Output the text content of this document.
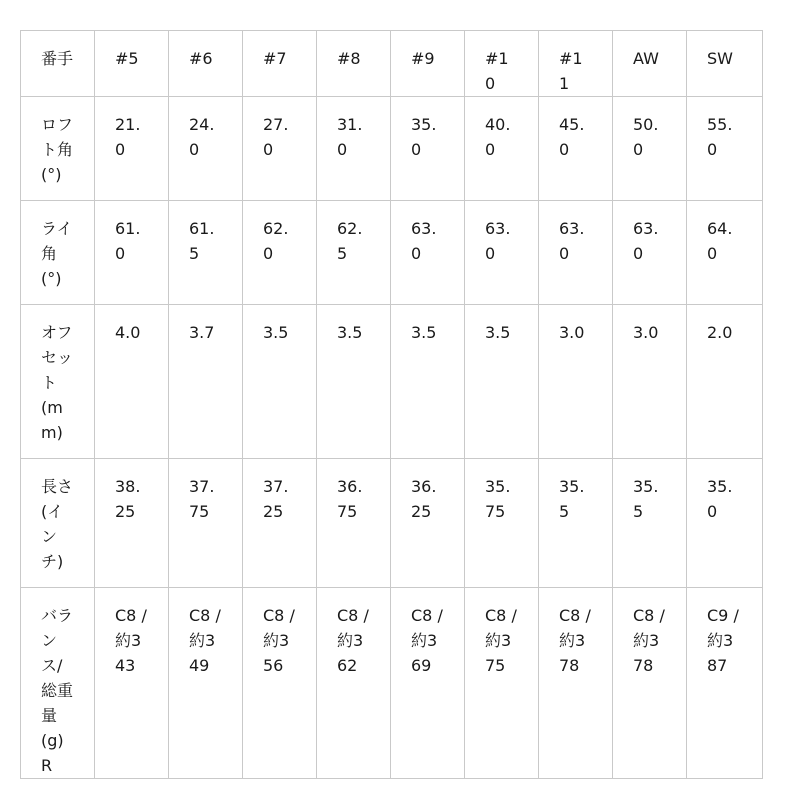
番手	#5	#6	#7	#8	#9	#10	#11	AW	SW
ロフト角(°)	21.0	24.0	27.0	31.0	35.0	40.0	45.0	50.0	55.0
ライ角(°)	61.0	61.5	62.0	62.5	63.0	63.0	63.0	63.0	64.0
オフセット(mm)	4.0	3.7	3.5	3.5	3.5	3.5	3.0	3.0	2.0
長さ(インチ)	38.25	37.75	37.25	36.75	36.25	35.75	35.5	35.5	35.0
バランス/総重量(g)R	C8 / 約343	C8 / 約349	C8 / 約356	C8 / 約362	C8 / 約369	C8 / 約375	C8 / 約378	C8 / 約378	C9 / 約387
